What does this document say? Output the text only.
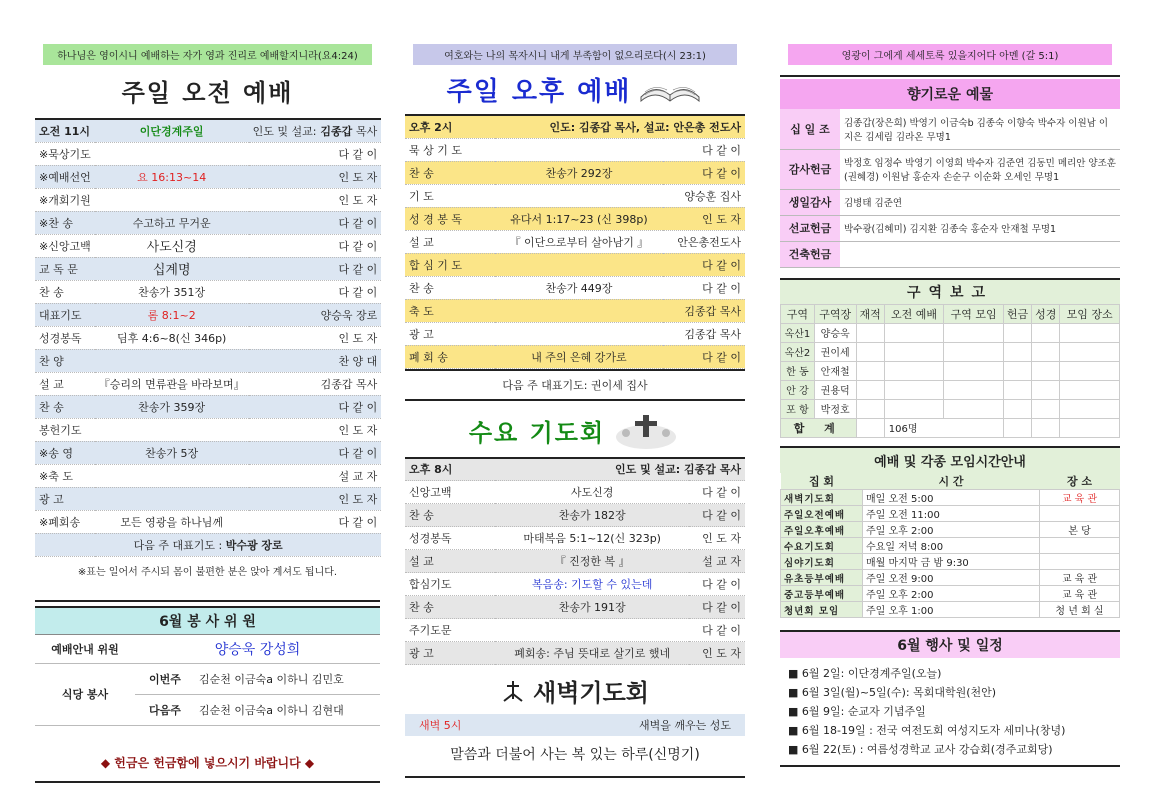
하나님은 영이시니 예배하는 자가 영과 진리로 예배할지니라(요4:24)
주일 오전 예배
오전 11시	이단경계주일	인도 및 설교: 김종갑 목사
※묵상기도		다 같 이
※예배선언	요 16:13~14	인 도 자
※개회기원		인 도 자
※찬 송	수고하고 무거운	다 같 이
※신앙고백	사도신경	다 같 이
교 독 문	십계명	다 같 이
찬 송	찬송가 351장	다 같 이
대표기도	롬 8:1~2	양승욱 장로
성경봉독	딤후 4:6~8(신 346p)	인 도 자
찬 양		찬 양 대
설 교	『승리의 면류관을 바라보며』	김종갑 목사
찬 송	찬송가 359장	다 같 이
봉헌기도		인 도 자
※송 영	찬송가 5장	다 같 이
※축 도		설 교 자
광 고		인 도 자
※폐회송	모든 영광을 하나님께	다 같 이
다음 주 대표기도 : 박수광 장로		
※표는 일어서 주시되 몸이 불편한 분은 앉아 계셔도 됩니다.
6월 봉 사 위 원
예배안내 위원	양승욱 강성희	
식당 봉사	이번주	김순천 이금숙a 이하니 김민호
	다음주	김순천 이금숙a 이하니 김현대
◆ 헌금은 헌금함에 넣으시기 바랍니다 ◆
여호와는 나의 목자시니 내게 부족함이 없으리로다(시 23:1)
주일 오후 예배
오후 2시	인도: 김종갑 목사, 설교: 안은총 전도사	
묵 상 기 도		다 같 이
찬 송	찬송가 292장	다 같 이
기 도		양승훈 집사
성 경 봉 독	유다서 1:17~23 (신 398p)	인 도 자
설 교	『 이단으로부터 살아남기 』	안은총전도사
합 심 기 도		다 같 이
찬 송	찬송가 449장	다 같 이
축 도		김종갑 목사
광 고		김종갑 목사
폐 회 송	내 주의 은혜 강가로	다 같 이
다음 주 대표기도: 권이세 집사
수요 기도회
오후 8시	인도 및 설교: 김종갑 목사	
신앙고백	사도신경	다 같 이
찬 송	찬송가 182장	다 같 이
성경봉독	마태복음 5:1~12(신 323p)	인 도 자
설 교	『 진정한 복 』	설 교 자
합심기도	복음송: 기도할 수 있는데	다 같 이
찬 송	찬송가 191장	다 같 이
주기도문		다 같 이
광 고	폐회송: 주님 뜻대로 살기로 했네	인 도 자
새벽기도회
새벽 5시	새벽을 깨우는 성도
말씀과 더불어 사는 복 있는 하루(신명기)
영광이 그에게 세세토록 있을지어다 아멘 (갈 5:1)
향기로운 예물
십 일 조	김종갑(장은희) 박영기 이금숙b 김종숙 이향숙 박수자 이원남 이지은 김세림 김라온 무명1
감사헌금	박정호 임정수 박영기 이영희 박수자 김준연 김동민 메리안 양조훈(권혜경) 이원남 홍순자 손순구 이순화 오세인 무명1
생일감사	김병태 김준연
선교헌금	박수광(김혜미) 김지환 김종숙 홍순자 안재철 무명1
건축헌금	
구역보고
구역	구역장	재적	오전 예배	구역 모임	헌금	성경	모임 장소
옥산1	양승욱						
옥산2	권이세						
한 동	안재철						
안 강	권용덕						
포 항	박정호						
합 계			106명				
예배 및 각종 모임시간안내
집 회	시 간	장 소
새벽기도회	매일 오전 5:00	교 육 관
주일오전예배	주일 오전 11:00	
주일오후예배	주일 오후 2:00	본 당
수요기도회	수요일 저녁 8:00	
심야기도회	매월 마지막 금 밤 9:30	
유초등부예배	주일 오전 9:00	교 육 관
중고등부예배	주일 오후 2:00	교 육 관
청년회 모임	주일 오후 1:00	청 년 회 실
6월 행사 및 일정
■ 6월 2일: 이단경계주일(오늘)
■ 6월 3일(월)~5일(수): 목회대학원(천안)
■ 6월 9일: 순교자 기념주일
■ 6월 18-19일 : 전국 여전도회 여성지도자 세미나(창녕)
■ 6월 22(토) : 여름성경학교 교사 강습회(경주교회당)
